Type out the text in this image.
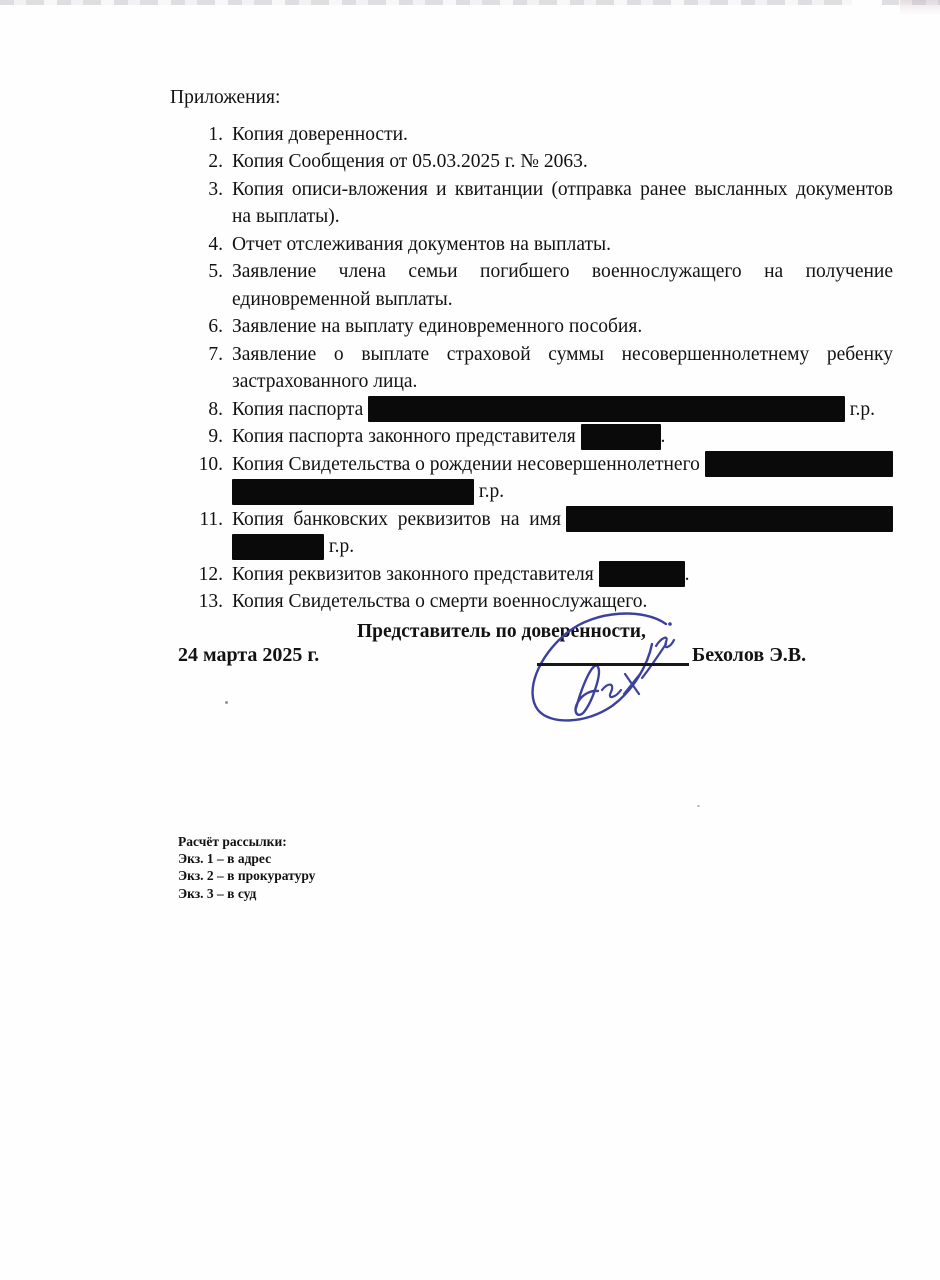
Приложения:

1. Копия доверенности.
2. Копия Сообщения от 05.03.2025 г. № 2063.
3. Копия описи-вложения и квитанции (отправка ранее высланных документов
на выплаты).
4. Отчет отслеживания документов на выплаты.
5. Заявление члена семьи погибшего военнослужащего на получение
единовременной выплаты.
6. Заявление на выплату единовременного пособия.
7. Заявление о выплате страховой суммы несовершеннолетнему ребенку
застрахованного лица.
8. Копия паспорта	г.р.
9. Копия паспорта законного представителя	.
10. Копия Свидетельства о рождении несовершеннолетнего
г.р.
11. Копия  банковских  реквизитов  на  имя
г.р.
12. Копия реквизитов законного представителя	.
13. Копия Свидетельства о смерти военнослужащего.

Представитель по доверенности,

24 марта 2025 г.	Бехолов Э.В.

Расчёт рассылки:

Экз. 1 – в адрес

Экз. 2 – в прокуратуру

Экз. 3 – в суд
